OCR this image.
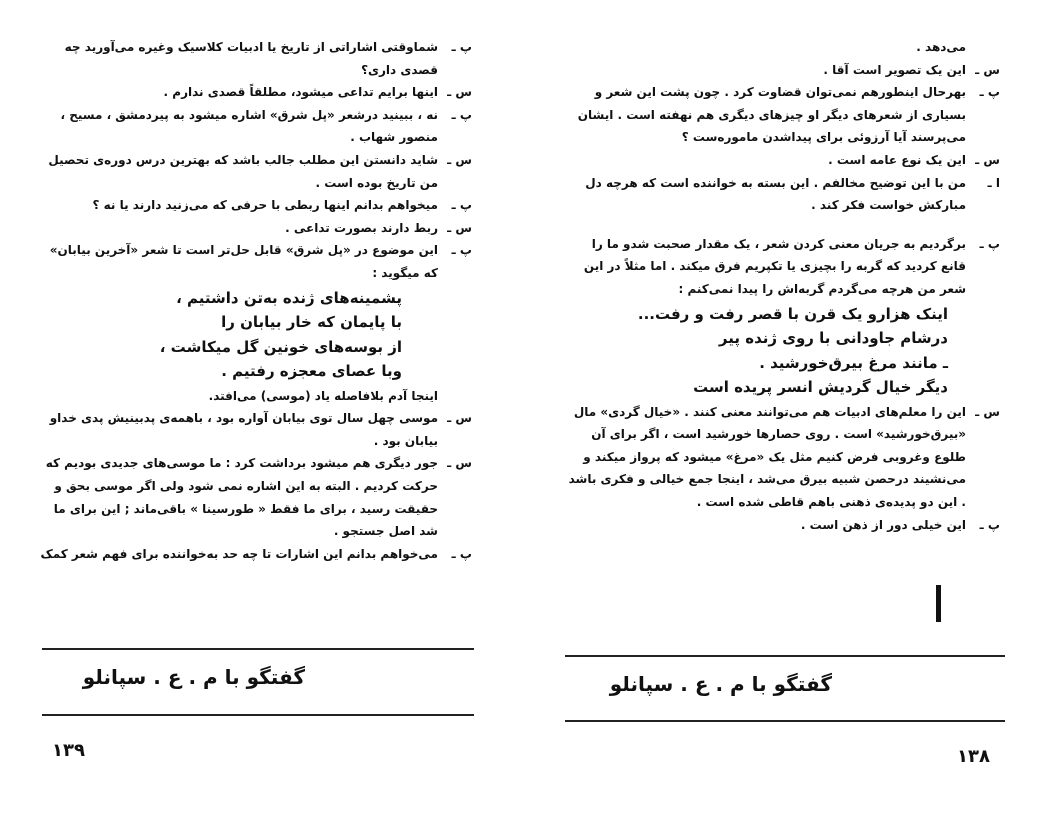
پ ـ
شماوقتی اشاراتی از تاریخ یا ادبیات کلاسیک وغیره می‌آورید چه قصدی داری؟
س ـ
اینها برایم تداعی میشود، مطلقاً قصدی ندارم .
پ ـ
نه ، ببینید درشعر «پل شرق» اشاره میشود به پیردمشق ، مسیح ، منصور شهاب .
س ـ
شاید دانستن این مطلب جالب باشد که بهترین درس دوره‌ی تحصیل من تاریخ بوده است .
پ ـ
میخواهم بدانم اینها ربطی با حرفی که می‌زنید دارند یا نه ؟
س ـ
ربط دارند بصورت تداعی .
پ ـ
این موضوع در «پل شرق» قابل حل‌تر است تا شعر «آخرین بیابان» که میگوید :
پشمینه‌های ژنده به‌تن داشتیم ،
با پایمان که خار بیابان را
از بوسه‌های خونین گل میکاشت ،
وبا عصای معجزه رفتیم .
اینجا آدم بلافاصله یاد (موسی) می‌افتد.
س ـ
موسی چهل سال توی بیابان آواره بود ، باهمه‌ی پدبینیش پدی خداو بیابان بود .
س ـ
جور دیگری هم میشود برداشت کرد : ما موسی‌های جدیدی بودیم که حرکت کردیم . البته به این اشاره نمی شود ولی اگر موسی بحق و حقیقت رسید ، برای ما فقط « طورسینا » باقی‌ماند ; این برای ما شد اصل جستجو .
پ ـ
می‌خواهم بدانم این اشارات تا چه حد به‌خواننده برای فهم شعر کمک
گفتگو با م . ع . سپانلو
۱۳۹
می‌دهد .
س ـ
این یک تصویر است آقا .
پ ـ
بهرحال اینطورهم نمی‌توان قضاوت کرد . چون پشت این شعر و بسیاری از شعرهای دیگر او چیزهای دیگری هم نهفته است . ایشان می‌پرسند آیا آرزوئی برای پیداشدن ماموره‌ست ؟
س ـ
این یک نوع عامه است .
ا ـ
من با این توضیح مخالفم . این بسته به خواننده است که هرچه دل مبارکش خواست فکر کند .
پ ـ
برگردیم به جریان معنی کردن شعر ، یک مقدار صحبت شدو ما را قانع کردید که گربه را بچیزی یا تکپریم فرق میکند . اما مثلاً در این شعر من هرچه می‌گردم گربه‌اش را پیدا نمی‌کنم :
اینک هزارو یک قرن با قصر رفت و رفت...
درشام جاودانی با روی ژنده پیر
ـ مانند مرغ بیرق‌خورشید .
دیگر خیال گردیش انسر پریده است
س ـ
این را معلم‌های ادبیات هم می‌توانند معنی کنند . «خیال گردی» مال «بیرق‌خورشید» است . روی حصارها خورشید است ، اگر برای آن طلوع وغروبی فرض کنیم مثل یک «مرغ» میشود که پرواز میکند و می‌نشیند درحصن شبیه بیرق می‌شد ، اینجا جمع خیالی و فکری باشد . این دو پدیده‌ی ذهنی باهم قاطی شده است .
پ ـ
این خیلی دور از ذهن است .
گفتگو با م . ع . سپانلو
۱۳۸
